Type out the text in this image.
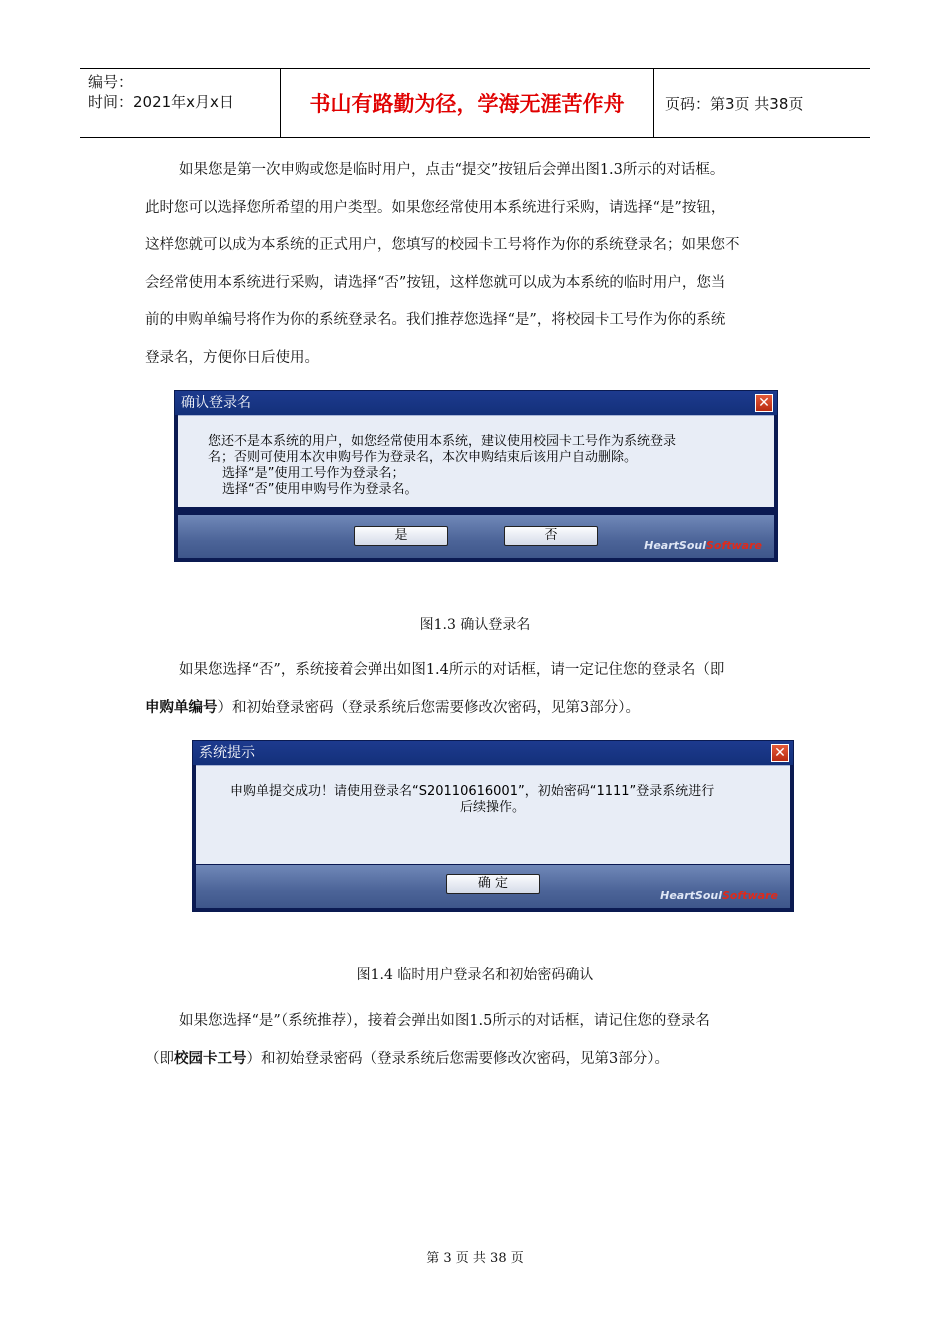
编号：
时间：2021年x月x日	书山有路勤为径，学海无涯苦作舟	页码：第3页 共38页

如果您是第一次申购或您是临时用户，点击“提交”按钮后会弹出图1.3所示的对话框。

此时您可以选择您所希望的用户类型。如果您经常使用本系统进行采购，请选择“是”按钮，

这样您就可以成为本系统的正式用户，您填写的校园卡工号将作为你的系统登录名；如果您不

会经常使用本系统进行采购，请选择“否”按钮，这样您就可以成为本系统的临时用户，您当

前的申购单编号将作为你的系统登录名。我们推荐您选择“是”，将校园卡工号作为你的系统

登录名，方便你日后使用。

确认登录名	✕
您还不是本系统的用户，如您经常使用本系统，建议使用校园卡工号作为系统登录
名；否则可使用本次申购号作为登录名，本次申购结束后该用户自动删除。
选择“是”使用工号作为登录名；
选择“否”使用申购号作为登录名。
是	否
HeartSoulSoftware
图1.3 确认登录名

如果您选择“否”，系统接着会弹出如图1.4所示的对话框，请一定记住您的登录名（即

申购单编号）和初始登录密码（登录系统后您需要修改次密码，见第3部分）。

系统提示	✕
申购单提交成功！请使用登录名“S20110616001”，初始密码“1111”登录系统进行
后续操作。
确 定
HeartSoulSoftware
图1.4 临时用户登录名和初始密码确认

如果您选择“是”（系统推荐），接着会弹出如图1.5所示的对话框，请记住您的登录名

（即校园卡工号）和初始登录密码（登录系统后您需要修改次密码，见第3部分）。

第 3 页 共 38 页
